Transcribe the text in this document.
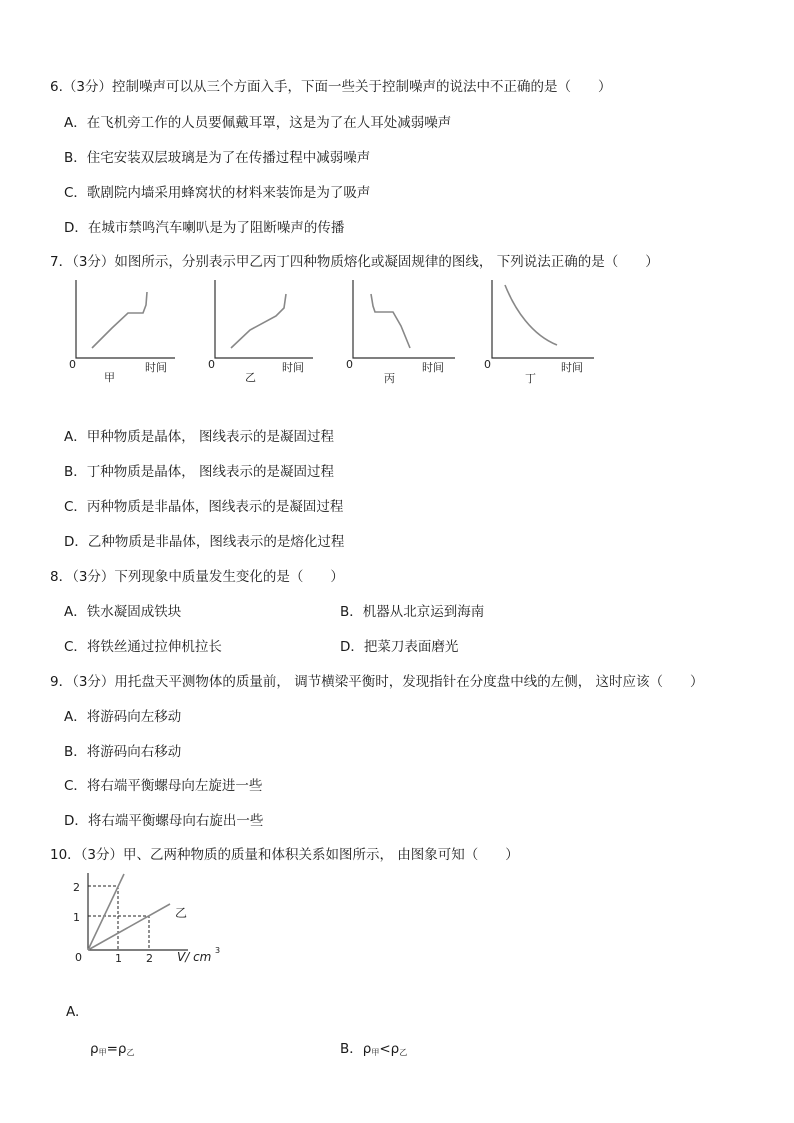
6.（3分）控制噪声可以从三个方面入手，下面一些关于控制噪声的说法中不正确的是（　　）
A．在飞机旁工作的人员要佩戴耳罩，这是为了在人耳处减弱噪声
B．住宅安装双层玻璃是为了在传播过程中减弱噪声
C．歌剧院内墙采用蜂窝状的材料来装饰是为了吸声
D．在城市禁鸣汽车喇叭是为了阻断噪声的传播
7．（3分）如图所示，分别表示甲乙丙丁四种物质熔化或凝固规律的图线， 下列说法正确的是（　　）
0
甲
时间	0
乙
时间	0
丙
时间	0
丁
时间
A．甲种物质是晶体， 图线表示的是凝固过程
B．丁种物质是晶体， 图线表示的是凝固过程
C．丙种物质是非晶体，图线表示的是凝固过程
D．乙种物质是非晶体，图线表示的是熔化过程
8．（3分）下列现象中质量发生变化的是（　　）
A．铁水凝固成铁块	B．机器从北京运到海南
C．将铁丝通过拉伸机拉长	D．把菜刀表面磨光
9．（3分）用托盘天平测物体的质量前， 调节横梁平衡时，发现指针在分度盘中线的左侧， 这时应该（　　）
A．将游码向左移动
B．将游码向右移动
C．将右端平衡螺母向左旋进一些
D．将右端平衡螺母向右旋出一些
10．（3分）甲、乙两种物质的质量和体积关系如图所示， 由图象可知（　　）
2
1
0	1 2
乙
V/ cm 3
A.
$\rho_甲=\rho_乙$	B．$\rho_甲<\rho_乙$
